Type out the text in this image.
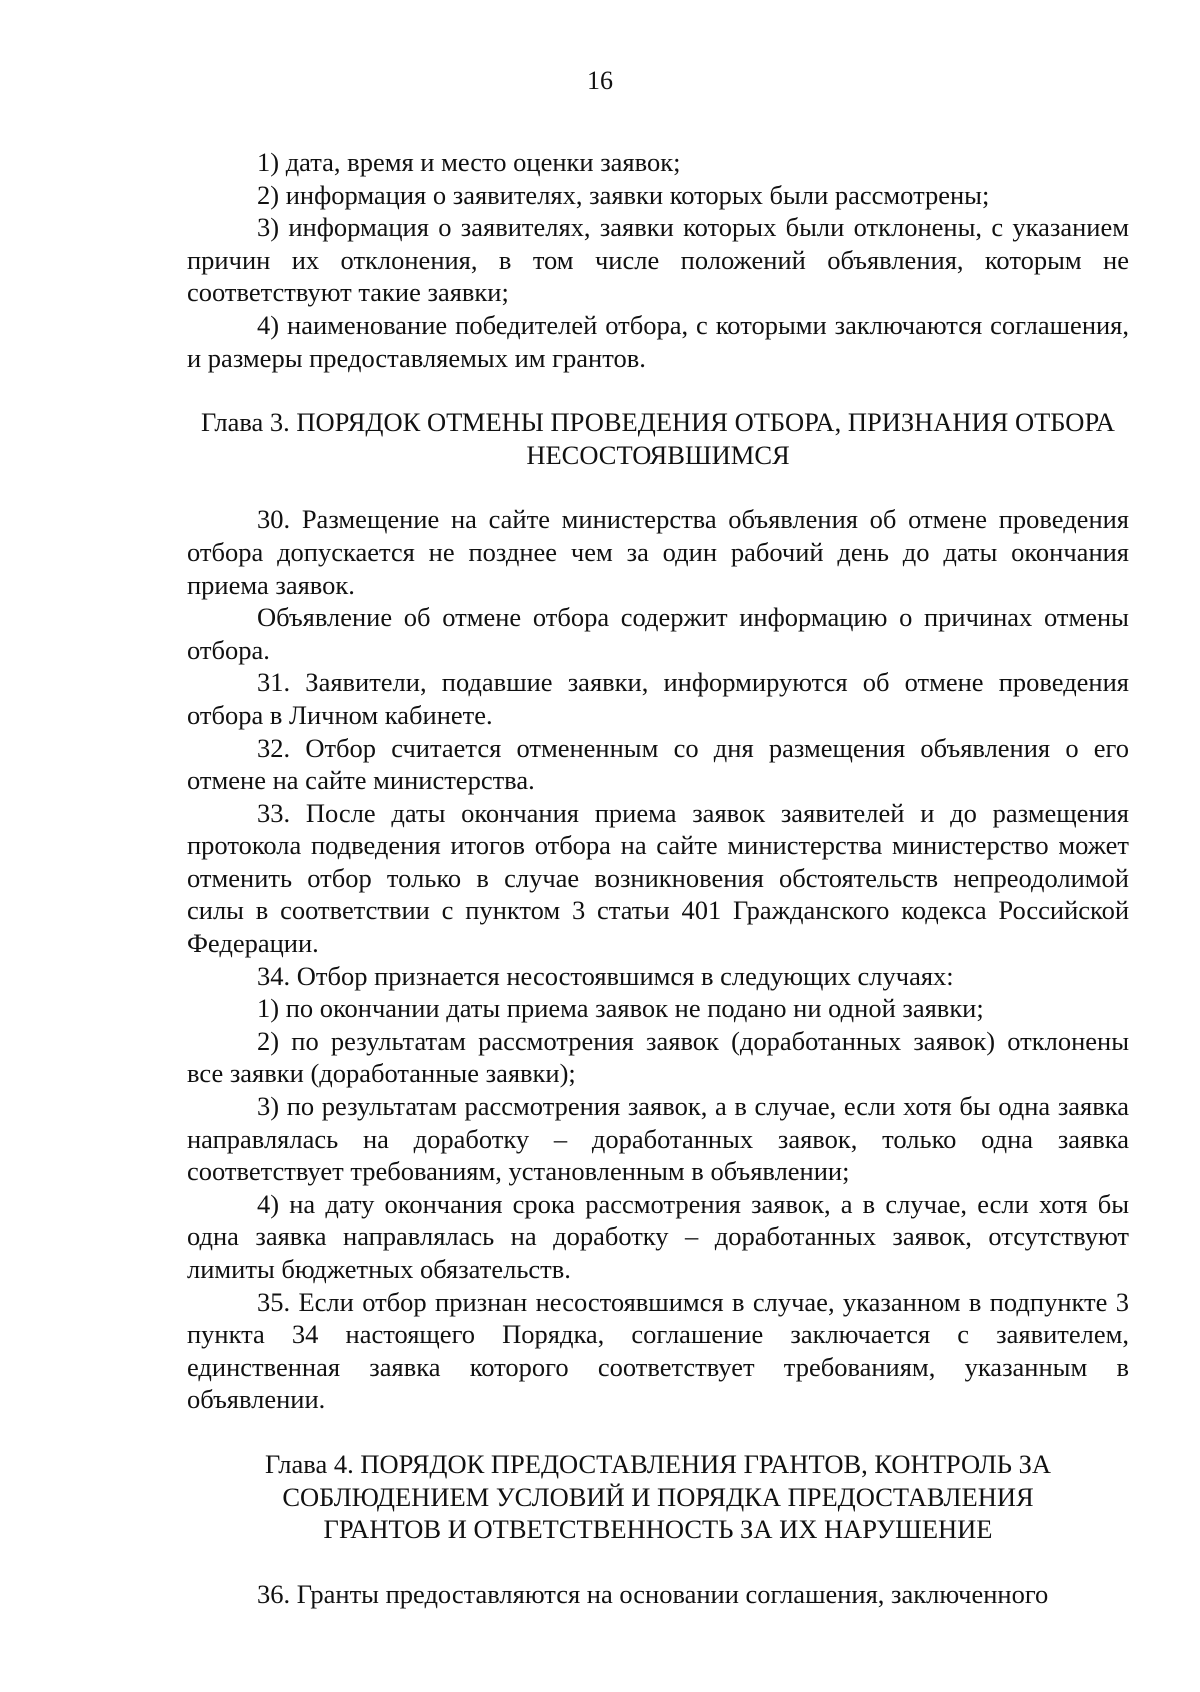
16

1) дата, время и место оценки заявок;

2) информация о заявителях, заявки которых были рассмотрены;

3) информация о заявителях, заявки которых были отклонены, с указанием причин их отклонения, в том числе положений объявления, которым не соответствуют такие заявки;

4) наименование победителей отбора, с которыми заключаются соглашения, и размеры предоставляемых им грантов.

Глава 3. ПОРЯДОК ОТМЕНЫ ПРОВЕДЕНИЯ ОТБОРА, ПРИЗНАНИЯ ОТБОРА НЕСОСТОЯВШИМСЯ

30. Размещение на сайте министерства объявления об отмене проведения отбора допускается не позднее чем за один рабочий день до даты окончания приема заявок.

Объявление об отмене отбора содержит информацию о причинах отмены отбора.

31. Заявители, подавшие заявки, информируются об отмене проведения отбора в Личном кабинете.

32. Отбор считается отмененным со дня размещения объявления о его отмене на сайте министерства.

33. После даты окончания приема заявок заявителей и до размещения протокола подведения итогов отбора на сайте министерства министерство может отменить отбор только в случае возникновения обстоятельств непреодолимой силы в соответствии с пунктом 3 статьи 401 Гражданского кодекса Российской Федерации.

34. Отбор признается несостоявшимся в следующих случаях:

1) по окончании даты приема заявок не подано ни одной заявки;

2) по результатам рассмотрения заявок (доработанных заявок) отклонены все заявки (доработанные заявки);

3) по результатам рассмотрения заявок, а в случае, если хотя бы одна заявка направлялась на доработку – доработанных заявок, только одна заявка соответствует требованиям, установленным в объявлении;

4) на дату окончания срока рассмотрения заявок, а в случае, если хотя бы одна заявка направлялась на доработку – доработанных заявок, отсутствуют лимиты бюджетных обязательств.

35. Если отбор признан несостоявшимся в случае, указанном в подпункте 3 пункта 34 настоящего Порядка, соглашение заключается с заявителем, единственная заявка которого соответствует требованиям, указанным в объявлении.

Глава 4. ПОРЯДОК ПРЕДОСТАВЛЕНИЯ ГРАНТОВ, КОНТРОЛЬ ЗА СОБЛЮДЕНИЕМ УСЛОВИЙ И ПОРЯДКА ПРЕДОСТАВЛЕНИЯ ГРАНТОВ И ОТВЕТСТВЕННОСТЬ ЗА ИХ НАРУШЕНИЕ

36. Гранты предоставляются на основании соглашения, заключенного
